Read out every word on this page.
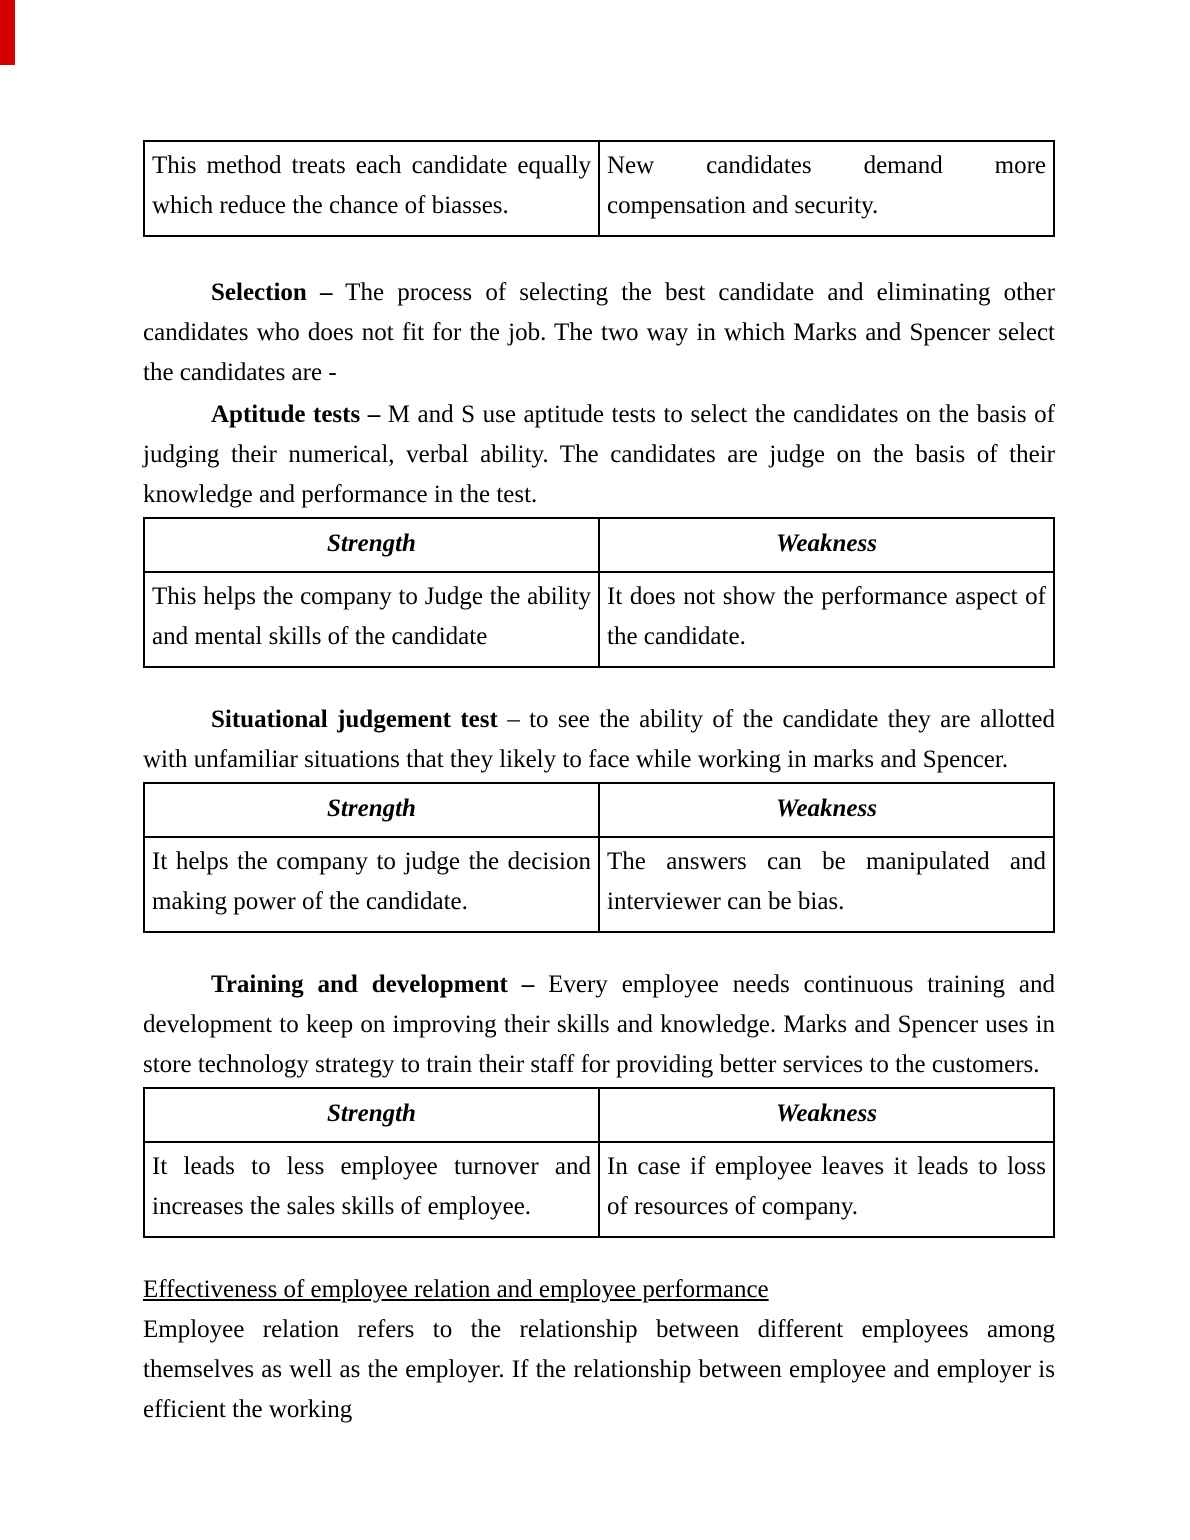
This method treats each candidate equally which reduce the chance of biasses.	New candidates demand more compensation and security.

Selection – The process of selecting the best candidate and eliminating other candidates who does not fit for the job. The two way in which Marks and Spencer select the candidates are -

Aptitude tests – M and S use aptitude tests to select the candidates on the basis of judging their numerical, verbal ability. The candidates are judge on the basis of their knowledge and performance in the test.

Strength	Weakness
This helps the company to Judge the ability and mental skills of the candidate	It does not show the performance aspect of the candidate.

Situational judgement test – to see the ability of the candidate they are allotted with unfamiliar situations that they likely to face while working in marks and Spencer.

Strength	Weakness
It helps the company to judge the decision making power of the candidate.	The answers can be manipulated and interviewer can be bias.

Training and development – Every employee needs continuous training and development to keep on improving their skills and knowledge. Marks and Spencer uses in store technology strategy to train their staff for providing better services to the customers.

Strength	Weakness
It leads to less employee turnover and increases the sales skills of employee.	In case if employee leaves it leads to loss of resources of company.

Effectiveness of employee relation and employee performance

Employee relation refers to the relationship between different employees among themselves as well as the employer. If the relationship between employee and employer is efficient the working
